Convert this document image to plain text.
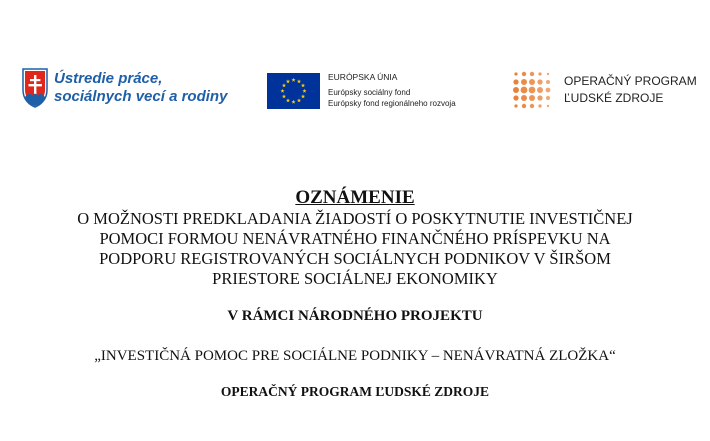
Ústredie práce,
sociálnych vecí a rodiny
EURÓPSKA ÚNIA
Európsky sociálny fond
Európsky fond regionálneho rozvoja
OPERAČNÝ PROGRAM
ĽUDSKÉ ZDROJE
OZNÁMENIE
O MOŽNOSTI PREDKLADANIA ŽIADOSTÍ O POSKYTNUTIE INVESTIČNEJ
POMOCI FORMOU NENÁVRATNÉHO FINANČNÉHO PRÍSPEVKU NA
PODPORU REGISTROVANÝCH SOCIÁLNYCH PODNIKOV V ŠIRŠOM
PRIESTORE SOCIÁLNEJ EKONOMIKY
V RÁMCI NÁRODNÉHO PROJEKTU
„INVESTIČNÁ POMOC PRE SOCIÁLNE PODNIKY – NENÁVRATNÁ ZLOŽKA“
OPERAČNÝ PROGRAM ĽUDSKÉ ZDROJE
